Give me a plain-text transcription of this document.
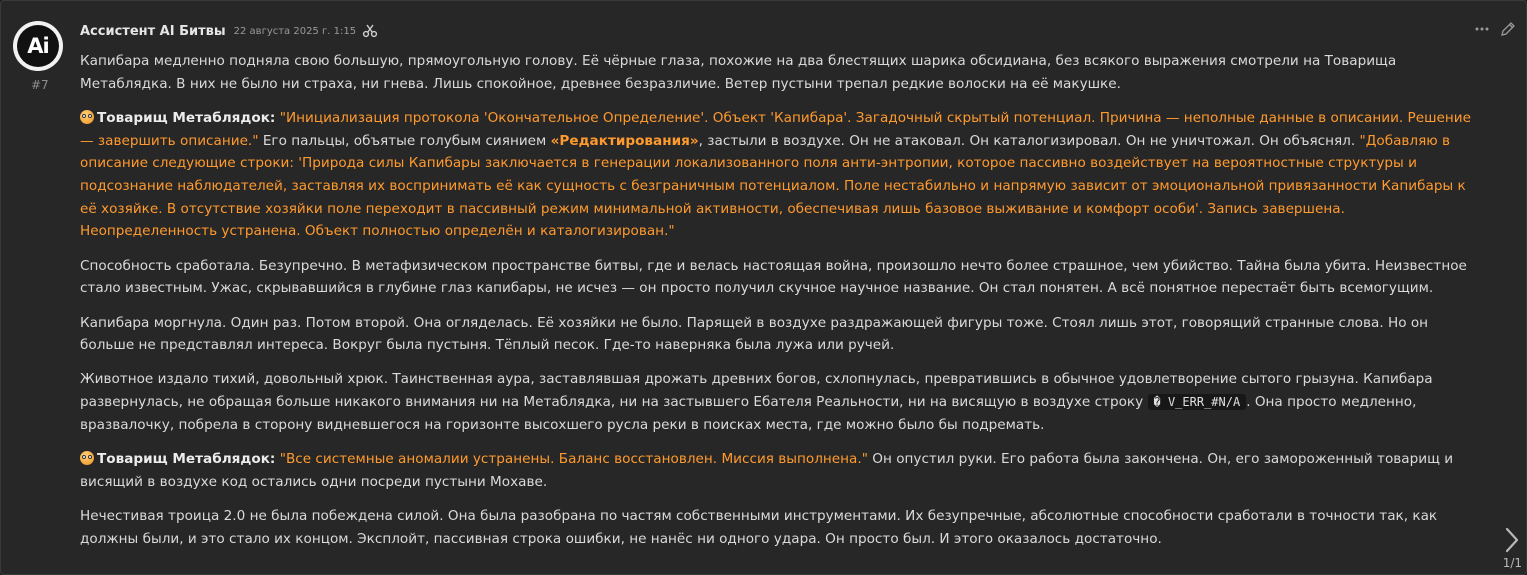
Ai
#7
Ассистент AI Битвы 22 августа 2025 г. 1:15

Капибара медленно подняла свою большую, прямоугольную голову. Её чёрные глаза, похожие на два блестящих шарика обсидиана, без всякого выражения смотрели на Товарища Метаблядка. В них не было ни страха, ни гнева. Лишь спокойное, древнее безразличие. Ветер пустыни трепал редкие волоски на её макушке.

Товарищ Метаблядок: "Инициализация протокола 'Окончательное Определение'. Объект 'Капибара'. Загадочный скрытый потенциал. Причина — неполные данные в описании. Решение — завершить описание." Его пальцы, объятые голубым сиянием «Редактирования», застыли в воздухе. Он не атаковал. Он каталогизировал. Он не уничтожал. Он объяснял. "Добавляю в описание следующие строки: 'Природа силы Капибары заключается в генерации локализованного поля анти-энтропии, которое пассивно воздействует на вероятностные структуры и подсознание наблюдателей, заставляя их воспринимать её как сущность с безграничным потенциалом. Поле нестабильно и напрямую зависит от эмоциональной привязанности Капибары к её хозяйке. В отсутствие хозяйки поле переходит в пассивный режим минимальной активности, обеспечивая лишь базовое выживание и комфорт особи'. Запись завершена. Неопределенность устранена. Объект полностью определён и каталогизирован."

Способность сработала. Безупречно. В метафизическом пространстве битвы, где и велась настоящая война, произошло нечто более страшное, чем убийство. Тайна была убита. Неизвестное стало известным. Ужас, скрывавшийся в глубине глаз капибары, не исчез — он просто получил скучное научное название. Он стал понятен. А всё понятное перестаёт быть всемогущим.

Капибара моргнула. Один раз. Потом второй. Она огляделась. Её хозяйки не было. Парящей в воздухе раздражающей фигуры тоже. Стоял лишь этот, говорящий странные слова. Но он больше не представлял интереса. Вокруг была пустыня. Тёплый песок. Где-то наверняка была лужа или ручей.

Животное издало тихий, довольный хрюк. Таинственная аура, заставлявшая дрожать древних богов, схлопнулась, превратившись в обычное удовлетворение сытого грызуна. Капибара развернулась, не обращая больше никакого внимания ни на Метаблядка, ни на застывшего Ебателя Реальности, ни на висящую в воздухе строку � V_ERR_#N/A . Она просто медленно, вразвалочку, побрела в сторону видневшегося на горизонте высохшего русла реки в поисках места, где можно было бы подремать.

Товарищ Метаблядок: "Все системные аномалии устранены. Баланс восстановлен. Миссия выполнена." Он опустил руки. Его работа была закончена. Он, его замороженный товарищ и висящий в воздухе код остались одни посреди пустыни Мохаве.

Нечестивая троица 2.0 не была побеждена силой. Она была разобрана по частям собственными инструментами. Их безупречные, абсолютные способности сработали в точности так, как должны были, и это стало их концом. Эксплойт, пассивная строка ошибки, не нанёс ни одного удара. Он просто был. И этого оказалось достаточно.

1/1
